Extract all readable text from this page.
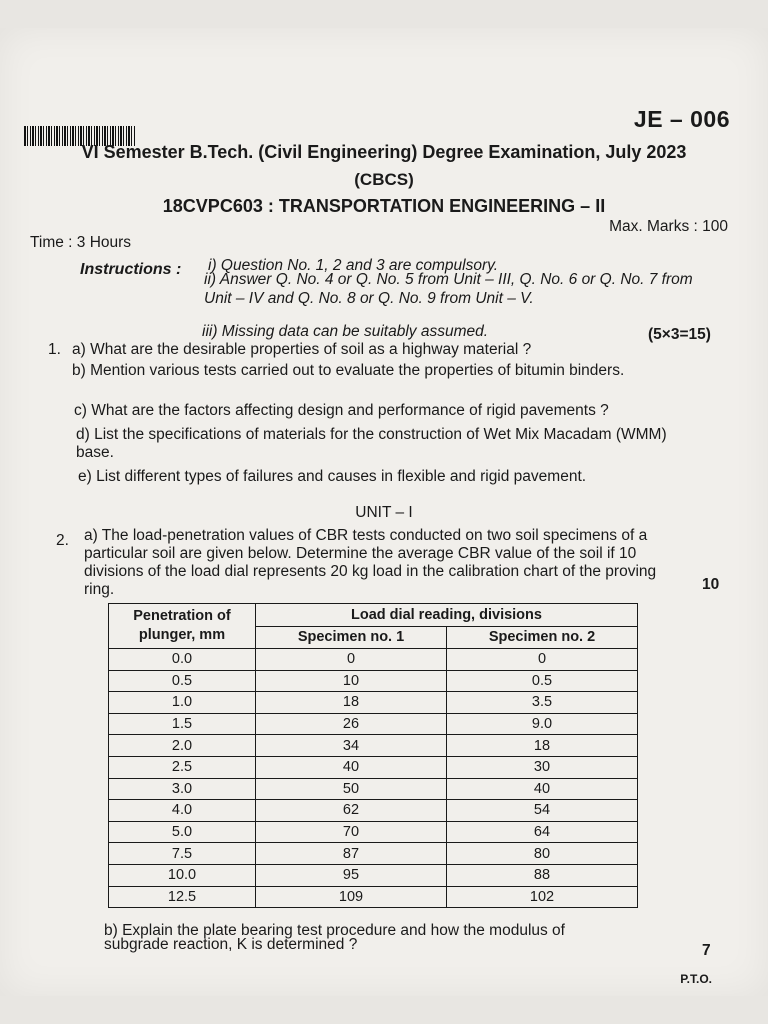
JE – 006
VI Semester B.Tech. (Civil Engineering) Degree Examination, July 2023
(CBCS)
18CVPC603 : TRANSPORTATION ENGINEERING – II
Time : 3 Hours
Max. Marks : 100
Instructions : i) Question No. 1, 2 and 3 are compulsory.
ii) Answer Q. No. 4 or Q. No. 5 from Unit – III, Q. No. 6 or Q. No. 7 from Unit – IV and Q. No. 8 or Q. No. 9 from Unit – V.
iii) Missing data can be suitably assumed.
1. a) What are the desirable properties of soil as a highway material ?
(5×3=15)
b) Mention various tests carried out to evaluate the properties of bitumin binders.
c) What are the factors affecting design and performance of rigid pavements ?
d) List the specifications of materials for the construction of Wet Mix Macadam (WMM) base.
e) List different types of failures and causes in flexible and rigid pavement.
UNIT – I
2. a) The load-penetration values of CBR tests conducted on two soil specimens of a particular soil are given below. Determine the average CBR value of the soil if 10 divisions of the load dial represents 20 kg load in the calibration chart of the proving ring.	10
Penetration of plunger, mm	Load dial reading, divisions	
	Specimen no. 1	Specimen no. 2
0.0	0	0
0.5	10	0.5
1.0	18	3.5
1.5	26	9.0
2.0	34	18
2.5	40	30
3.0	50	40
4.0	62	54
5.0	70	64
7.5	87	80
10.0	95	88
12.5	109	102
b) Explain the plate bearing test procedure and how the modulus of subgrade reaction, K is determined ?	7
P.T.O.
